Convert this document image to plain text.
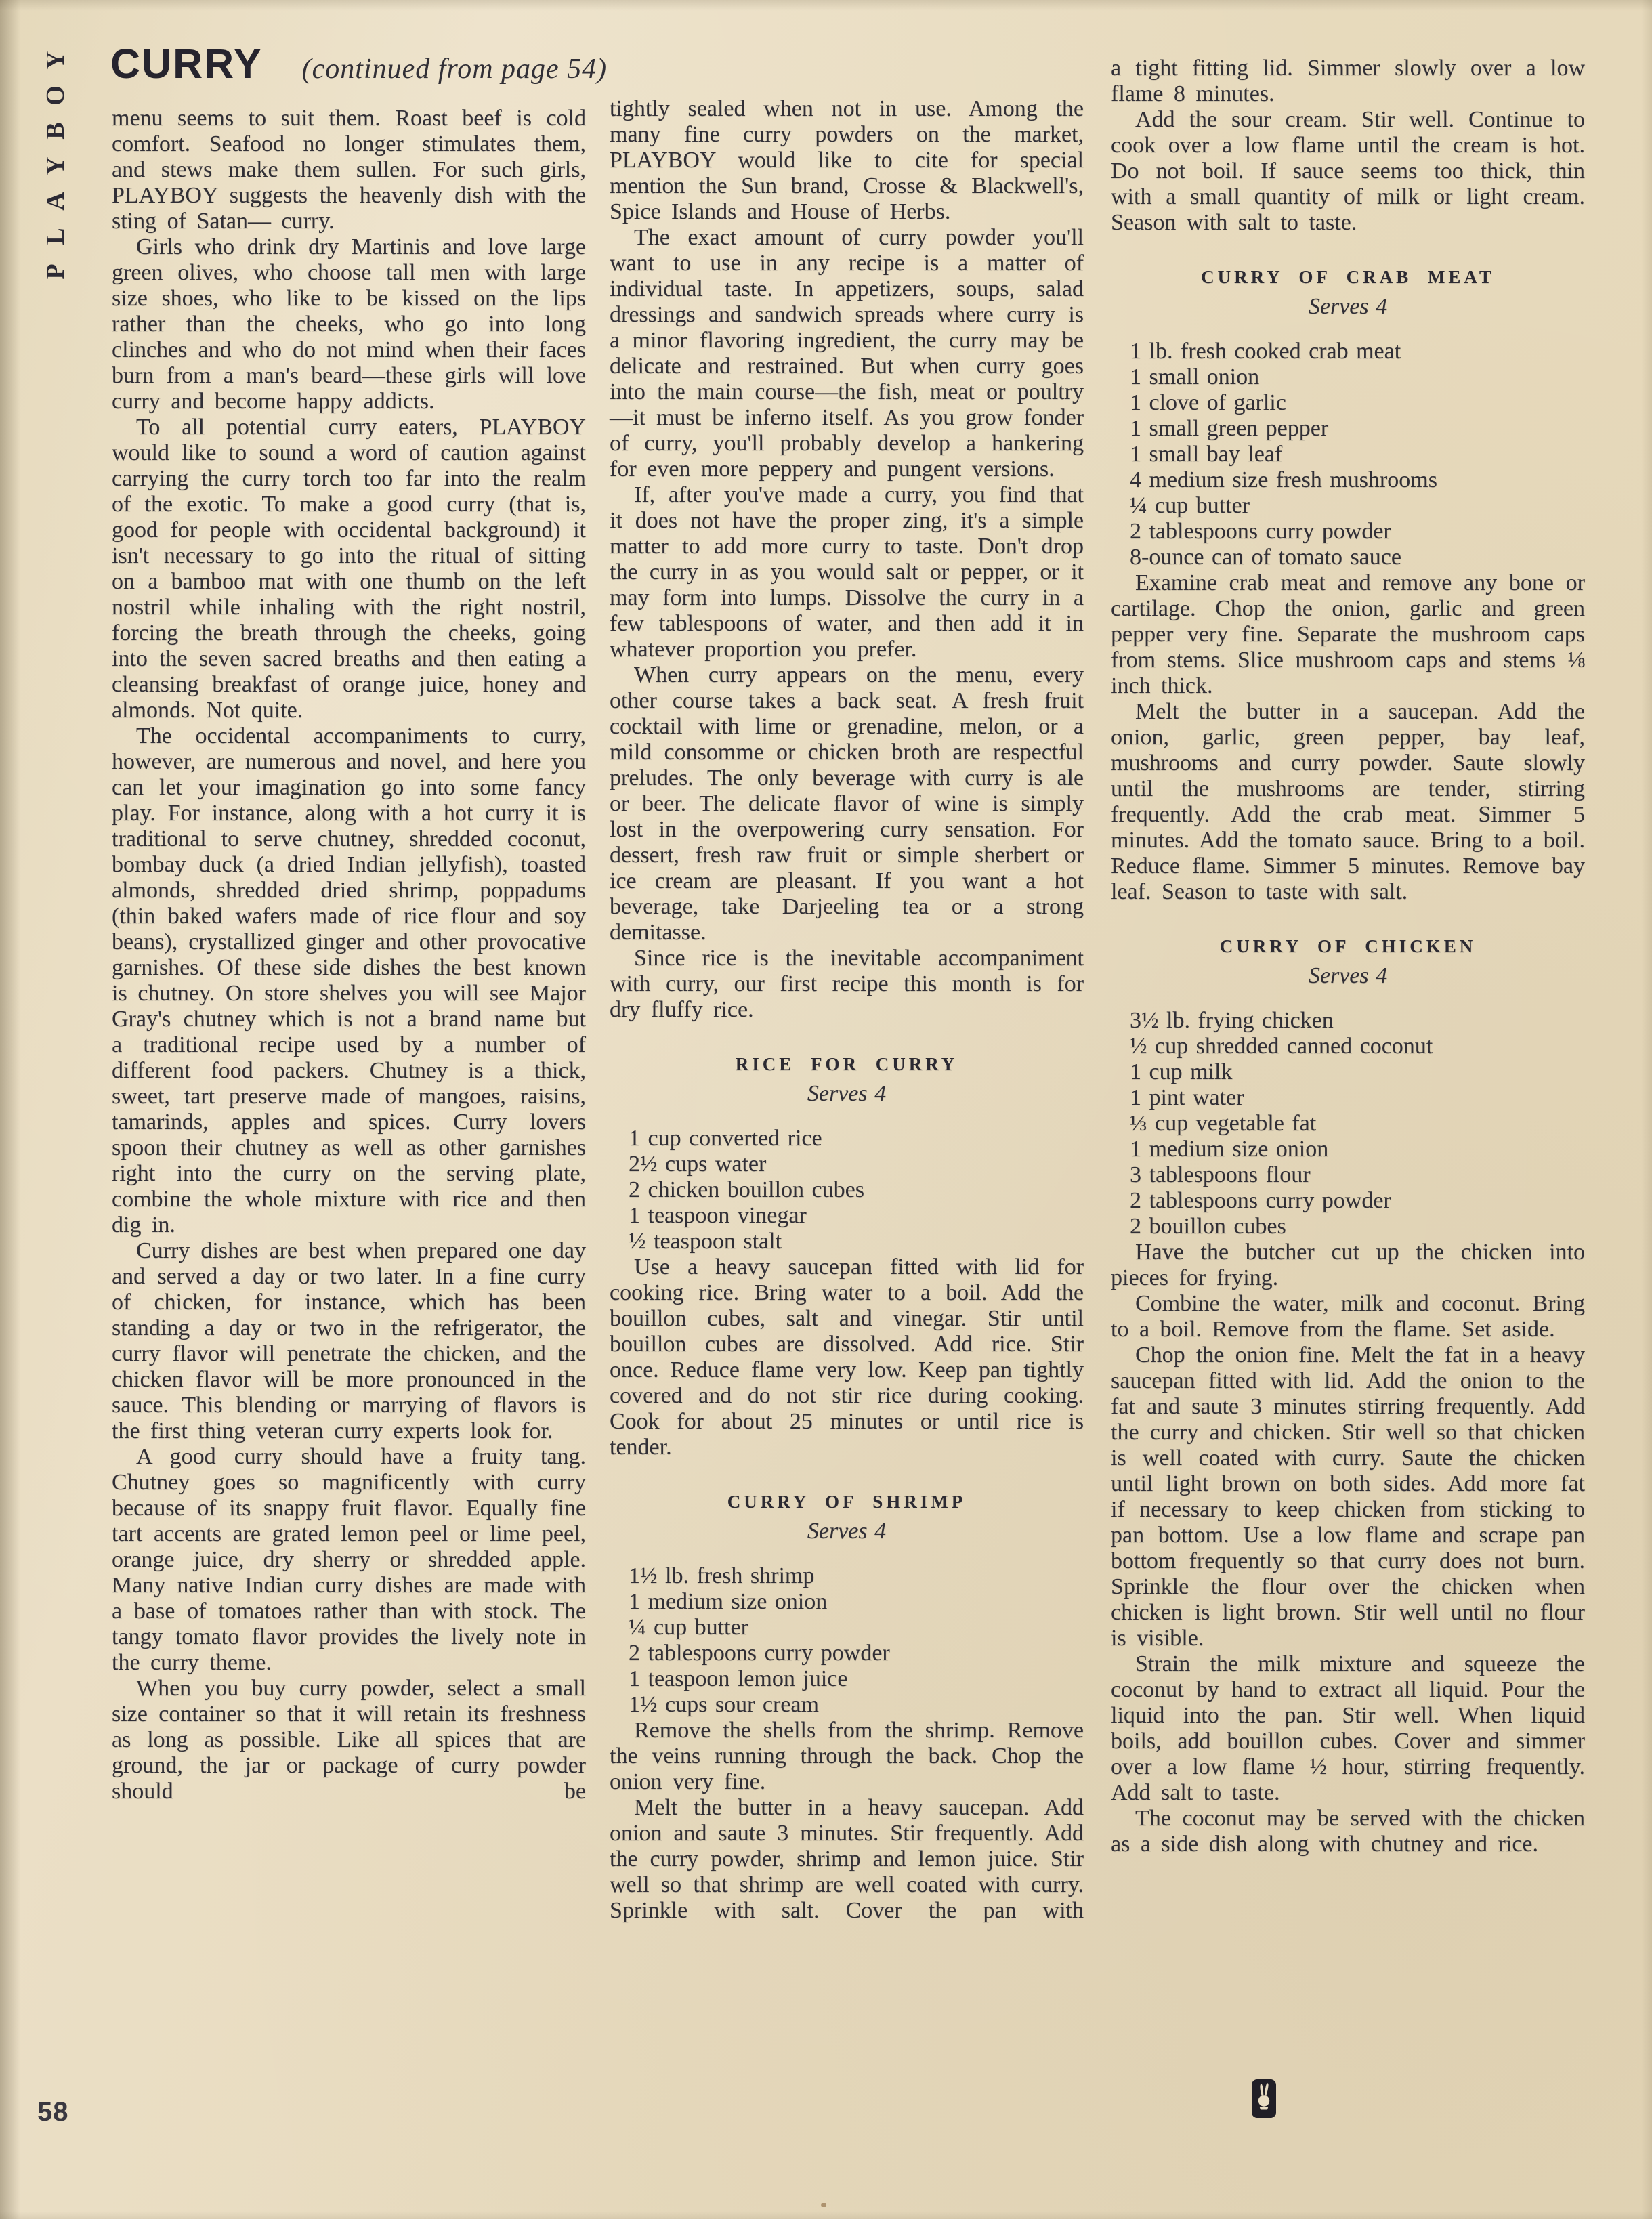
Y
O
B
Y
A
L
P
CURRY (continued from page 54)

menu seems to suit them. Roast beef is cold comfort. Seafood no longer stimulates them, and stews make them sullen. For such girls, PLAYBOY suggests the heavenly dish with the sting of Satan— curry.

Girls who drink dry Martinis and love large green olives, who choose tall men with large size shoes, who like to be kissed on the lips rather than the cheeks, who go into long clinches and who do not mind when their faces burn from a man's beard—these girls will love curry and become happy addicts.

To all potential curry eaters, PLAYBOY would like to sound a word of caution against carrying the curry torch too far into the realm of the exotic. To make a good curry (that is, good for people with occidental background) it isn't necessary to go into the ritual of sitting on a bamboo mat with one thumb on the left nostril while inhaling with the right nostril, forcing the breath through the cheeks, going into the seven sacred breaths and then eating a cleansing breakfast of orange juice, honey and almonds. Not quite.

The occidental accompaniments to curry, however, are numerous and novel, and here you can let your imagination go into some fancy play. For instance, along with a hot curry it is traditional to serve chutney, shredded coconut, bombay duck (a dried Indian jellyfish), toasted almonds, shredded dried shrimp, poppadums (thin baked wafers made of rice flour and soy beans), crystallized ginger and other provocative garnishes. Of these side dishes the best known is chutney. On store shelves you will see Major Gray's chutney which is not a brand name but a traditional recipe used by a number of different food packers. Chutney is a thick, sweet, tart preserve made of mangoes, raisins, tamarinds, apples and spices. Curry lovers spoon their chutney as well as other garnishes right into the curry on the serving plate, combine the whole mixture with rice and then dig in.

Curry dishes are best when prepared one day and served a day or two later. In a fine curry of chicken, for instance, which has been standing a day or two in the refrigerator, the curry flavor will penetrate the chicken, and the chicken flavor will be more pronounced in the sauce. This blending or marrying of flavors is the first thing veteran curry experts look for.

A good curry should have a fruity tang. Chutney goes so magnificently with curry because of its snappy fruit flavor. Equally fine tart accents are grated lemon peel or lime peel, orange juice, dry sherry or shredded apple. Many native Indian curry dishes are made with a base of tomatoes rather than with stock. The tangy tomato flavor provides the lively note in the curry theme.

When you buy curry powder, select a small size container so that it will retain its freshness as long as possible. Like all spices that are ground, the jar or package of curry powder should be

tightly sealed when not in use. Among the many fine curry powders on the market, PLAYBOY would like to cite for special mention the Sun brand, Crosse & Blackwell's, Spice Islands and House of Herbs.

The exact amount of curry powder you'll want to use in any recipe is a matter of individual taste. In appetizers, soups, salad dressings and sandwich spreads where curry is a minor flavoring ingredient, the curry may be delicate and restrained. But when curry goes into the main course—the fish, meat or poultry—it must be inferno itself. As you grow fonder of curry, you'll probably develop a hankering for even more peppery and pungent versions.

If, after you've made a curry, you find that it does not have the proper zing, it's a simple matter to add more curry to taste. Don't drop the curry in as you would salt or pepper, or it may form into lumps. Dissolve the curry in a few tablespoons of water, and then add it in whatever proportion you prefer.

When curry appears on the menu, every other course takes a back seat. A fresh fruit cocktail with lime or grenadine, melon, or a mild consomme or chicken broth are respectful preludes. The only beverage with curry is ale or beer. The delicate flavor of wine is simply lost in the overpowering curry sensation. For dessert, fresh raw fruit or simple sherbert or ice cream are pleasant. If you want a hot beverage, take Darjeeling tea or a strong demitasse.

Since rice is the inevitable accompaniment with curry, our first recipe this month is for dry fluffy rice.

RICE FOR CURRY
Serves 4
1 cup converted rice
2½ cups water
2 chicken bouillon cubes
1 teaspoon vinegar
½ teaspoon stalt

Use a heavy saucepan fitted with lid for cooking rice. Bring water to a boil. Add the bouillon cubes, salt and vinegar. Stir until bouillon cubes are dissolved. Add rice. Stir once. Reduce flame very low. Keep pan tightly covered and do not stir rice during cooking. Cook for about 25 minutes or until rice is tender.

CURRY OF SHRIMP
Serves 4
1½ lb. fresh shrimp
1 medium size onion
¼ cup butter
2 tablespoons curry powder
1 teaspoon lemon juice
1½ cups sour cream

Remove the shells from the shrimp. Remove the veins running through the back. Chop the onion very fine.

Melt the butter in a heavy saucepan. Add onion and saute 3 minutes. Stir frequently. Add the curry powder, shrimp and lemon juice. Stir well so that shrimp are well coated with curry. Sprinkle with salt. Cover the pan with

a tight fitting lid. Simmer slowly over a low flame 8 minutes.

Add the sour cream. Stir well. Continue to cook over a low flame until the cream is hot. Do not boil. If sauce seems too thick, thin with a small quantity of milk or light cream. Season with salt to taste.

CURRY OF CRAB MEAT
Serves 4
1 lb. fresh cooked crab meat
1 small onion
1 clove of garlic
1 small green pepper
1 small bay leaf
4 medium size fresh mushrooms
¼ cup butter
2 tablespoons curry powder
8-ounce can of tomato sauce

Examine crab meat and remove any bone or cartilage. Chop the onion, garlic and green pepper very fine. Separate the mushroom caps from stems. Slice mushroom caps and stems ⅛ inch thick.

Melt the butter in a saucepan. Add the onion, garlic, green pepper, bay leaf, mushrooms and curry powder. Saute slowly until the mushrooms are tender, stirring frequently. Add the crab meat. Simmer 5 minutes. Add the tomato sauce. Bring to a boil. Reduce flame. Simmer 5 minutes. Remove bay leaf. Season to taste with salt.

CURRY OF CHICKEN
Serves 4
3½ lb. frying chicken
½ cup shredded canned coconut
1 cup milk
1 pint water
⅓ cup vegetable fat
1 medium size onion
3 tablespoons flour
2 tablespoons curry powder
2 bouillon cubes

Have the butcher cut up the chicken into pieces for frying.

Combine the water, milk and coconut. Bring to a boil. Remove from the flame. Set aside.

Chop the onion fine. Melt the fat in a heavy saucepan fitted with lid. Add the onion to the fat and saute 3 minutes stirring frequently. Add the curry and chicken. Stir well so that chicken is well coated with curry. Saute the chicken until light brown on both sides. Add more fat if necessary to keep chicken from sticking to pan bottom. Use a low flame and scrape pan bottom frequently so that curry does not burn. Sprinkle the flour over the chicken when chicken is light brown. Stir well until no flour is visible.

Strain the milk mixture and squeeze the coconut by hand to extract all liquid. Pour the liquid into the pan. Stir well. When liquid boils, add bouillon cubes. Cover and simmer over a low flame ½ hour, stirring frequently. Add salt to taste.

The coconut may be served with the chicken as a side dish along with chutney and rice.

58
